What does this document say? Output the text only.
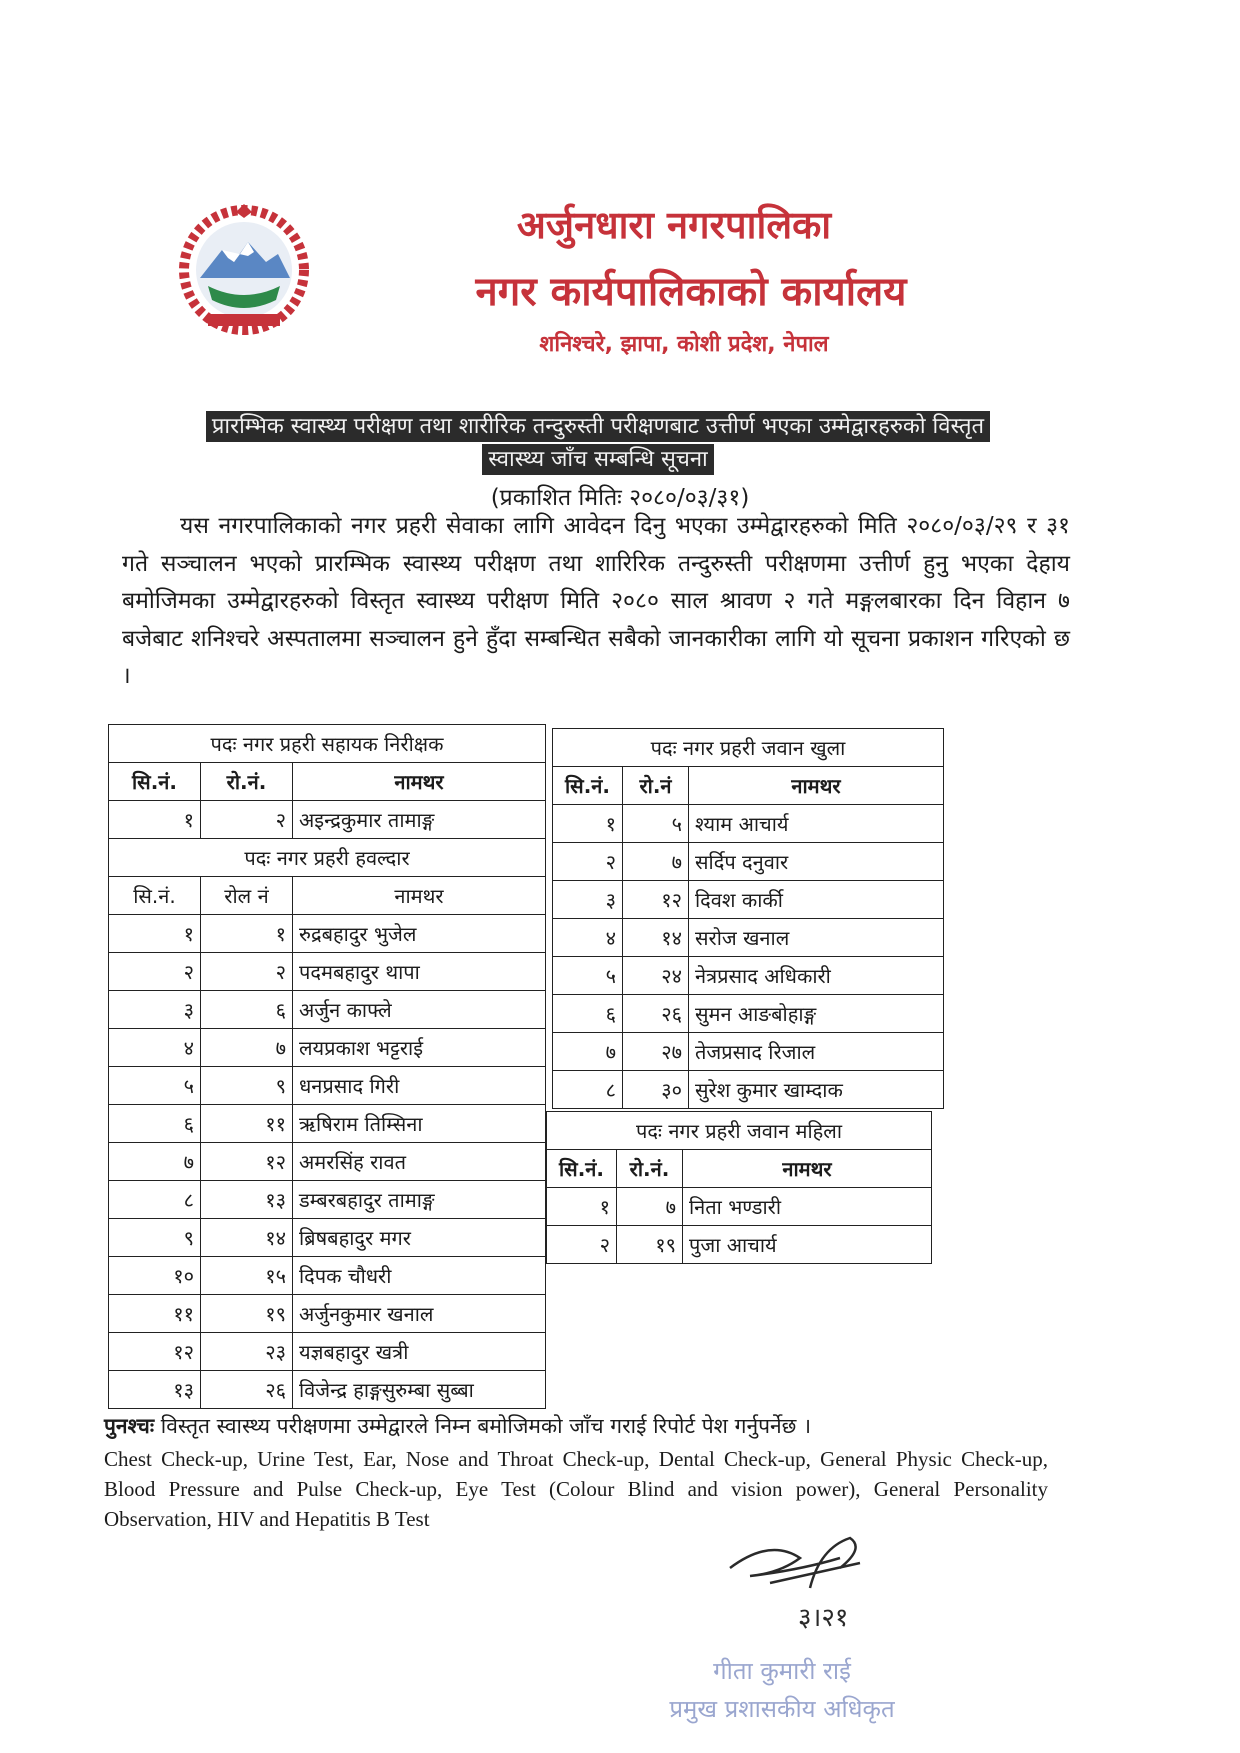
अर्जुनधारा नगरपालिका
नगर कार्यपालिकाको कार्यालय
शनिश्चरे, झापा, कोशी प्रदेश, नेपाल
प्रारम्भिक स्वास्थ्य परीक्षण तथा शारीरिक तन्दुरुस्ती परीक्षणबाट उत्तीर्ण भएका उम्मेद्वारहरुको विस्तृत
स्वास्थ्य जाँच सम्बन्धि सूचना
(प्रकाशित मितिः २०८०/०३/३१)
यस नगरपालिकाको नगर प्रहरी सेवाका लागि आवेदन दिनु भएका उम्मेद्वारहरुको मिति २०८०/०३/२९ र ३१ गते सञ्चालन भएको प्रारम्भिक स्वास्थ्य परीक्षण तथा शारिरिक तन्दुरुस्ती परीक्षणमा उत्तीर्ण हुनु भएका देहाय बमोजिमका उम्मेद्वारहरुको विस्तृत स्वास्थ्य परीक्षण मिति २०८० साल श्रावण २ गते मङ्गलबारका दिन विहान ७ बजेबाट शनिश्चरे अस्पतालमा सञ्चालन हुने हुँदा सम्बन्धित सबैको जानकारीका लागि यो सूचना प्रकाशन गरिएको छ ।
पदः नगर प्रहरी सहायक निरीक्षक		
सि.नं.	रो.नं.	नामथर
१	२	अइन्द्रकुमार तामाङ्ग
पदः नगर प्रहरी हवल्दार		
सि.नं.	रोल नं	नामथर
१	१	रुद्रबहादुर भुजेल
२	२	पदमबहादुर थापा
३	६	अर्जुन काफ्ले
४	७	लयप्रकाश भट्टराई
५	९	धनप्रसाद गिरी
६	११	ऋषिराम तिम्सिना
७	१२	अमरसिंह रावत
८	१३	डम्बरबहादुर तामाङ्ग
९	१४	ब्रिषबहादुर मगर
१०	१५	दिपक चौधरी
११	१९	अर्जुनकुमार खनाल
१२	२३	यज्ञबहादुर खत्री
१३	२६	विजेन्द्र हाङ्गसुरुम्बा सुब्बा
पदः नगर प्रहरी जवान खुला		
सि.नं.	रो.नं	नामथर
१	५	श्याम आचार्य
२	७	सर्दिप दनुवार
३	१२	दिवश कार्की
४	१४	सरोज खनाल
५	२४	नेत्रप्रसाद अधिकारी
६	२६	सुमन आङबोहाङ्ग
७	२७	तेजप्रसाद रिजाल
८	३०	सुरेश कुमार खाम्दाक
पदः नगर प्रहरी जवान महिला		
सि.नं.	रो.नं.	नामथर
१	७	निता भण्डारी
२	१९	पुजा आचार्य
पुनश्चः विस्तृत स्वास्थ्य परीक्षणमा उम्मेद्वारले निम्न बमोजिमको जाँच गराई रिपोर्ट पेश गर्नुपर्नेछ ।
Chest Check-up, Urine Test, Ear, Nose and Throat Check-up, Dental Check-up, General Physic Check-up, Blood Pressure and Pulse Check-up, Eye Test (Colour Blind and vision power), General Personality Observation, HIV and Hepatitis B Test
३।२१
गीता कुमारी राई
प्रमुख प्रशासकीय अधिकृत
